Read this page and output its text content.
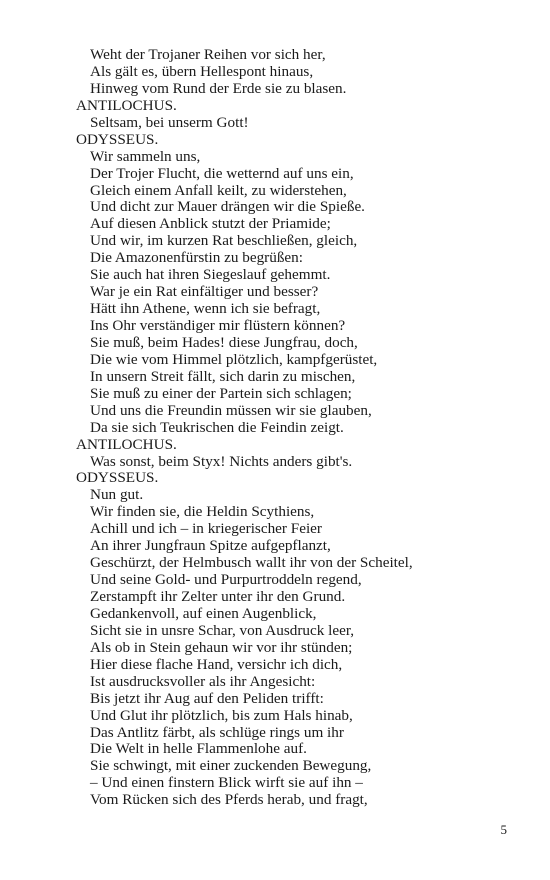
Weht der Trojaner Reihen vor sich her,
Als gält es, übern Hellespont hinaus,
Hinweg vom Rund der Erde sie zu blasen.
ANTILOCHUS.
Seltsam, bei unserm Gott!
ODYSSEUS.
Wir sammeln uns,
Der Trojer Flucht, die wetternd auf uns ein,
Gleich einem Anfall keilt, zu widerstehen,
Und dicht zur Mauer drängen wir die Spieße.
Auf diesen Anblick stutzt der Priamide;
Und wir, im kurzen Rat beschließen, gleich,
Die Amazonenfürstin zu begrüßen:
Sie auch hat ihren Siegeslauf gehemmt.
War je ein Rat einfältiger und besser?
Hätt ihn Athene, wenn ich sie befragt,
Ins Ohr verständiger mir flüstern können?
Sie muß, beim Hades! diese Jungfrau, doch,
Die wie vom Himmel plötzlich, kampfgerüstet,
In unsern Streit fällt, sich darin zu mischen,
Sie muß zu einer der Partein sich schlagen;
Und uns die Freundin müssen wir sie glauben,
Da sie sich Teukrischen die Feindin zeigt.
ANTILOCHUS.
Was sonst, beim Styx! Nichts anders gibt's.
ODYSSEUS.
Nun gut.
Wir finden sie, die Heldin Scythiens,
Achill und ich – in kriegerischer Feier
An ihrer Jungfraun Spitze aufgepflanzt,
Geschürzt, der Helmbusch wallt ihr von der Scheitel,
Und seine Gold- und Purpurtroddeln regend,
Zerstampft ihr Zelter unter ihr den Grund.
Gedankenvoll, auf einen Augenblick,
Sicht sie in unsre Schar, von Ausdruck leer,
Als ob in Stein gehaun wir vor ihr stünden;
Hier diese flache Hand, versichr ich dich,
Ist ausdrucksvoller als ihr Angesicht:
Bis jetzt ihr Aug auf den Peliden trifft:
Und Glut ihr plötzlich, bis zum Hals hinab,
Das Antlitz färbt, als schlüge rings um ihr
Die Welt in helle Flammenlohe auf.
Sie schwingt, mit einer zuckenden Bewegung,
– Und einen finstern Blick wirft sie auf ihn –
Vom Rücken sich des Pferds herab, und fragt,
5
